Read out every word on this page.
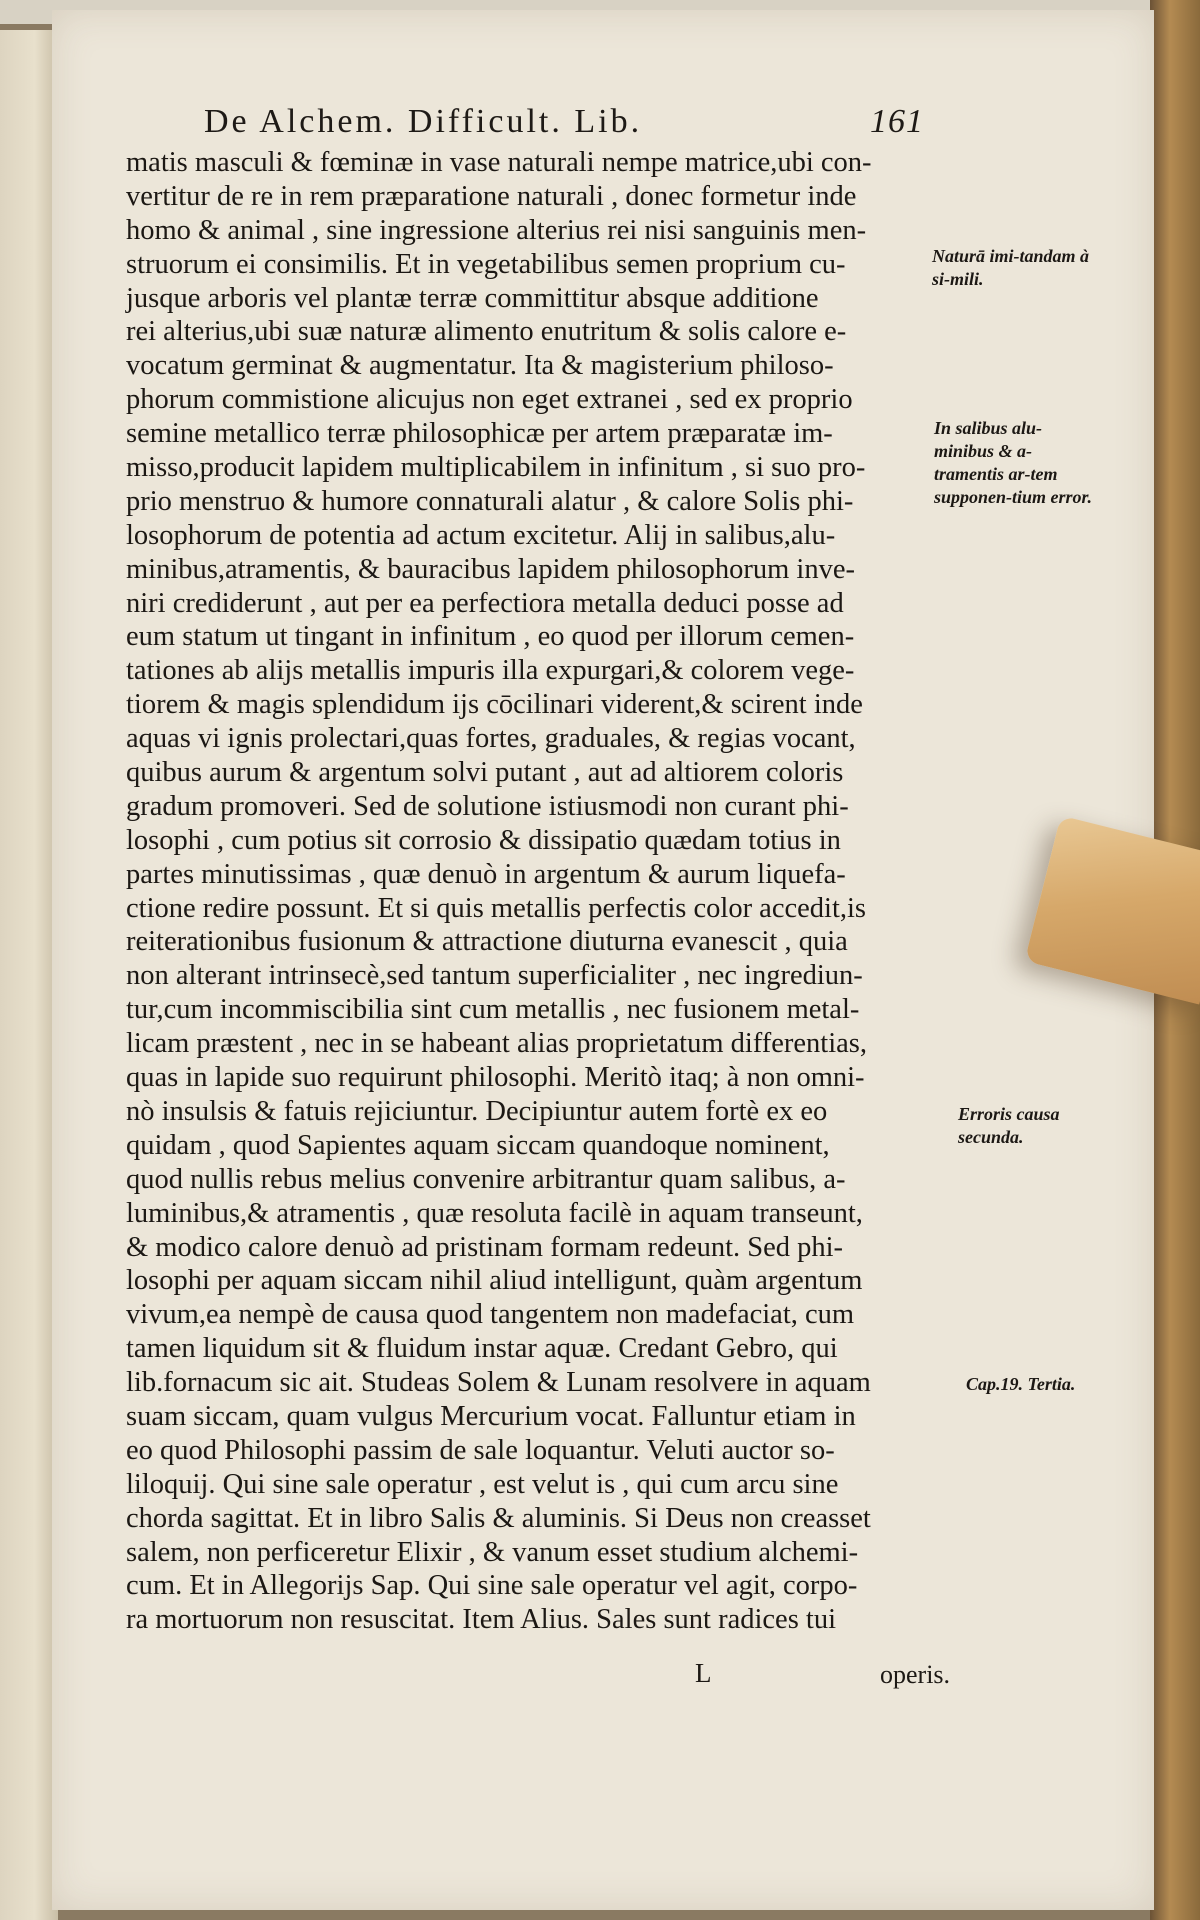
De Alchem. Difficult. Lib.	161
matis masculi & fœminæ in vase naturali nempe matrice,ubi con-
vertitur de re in rem præparatione naturali , donec formetur inde
homo & animal , sine ingressione alterius rei nisi sanguinis men-
struorum ei consimilis. Et in vegetabilibus semen proprium cu-
jusque arboris vel plantæ terræ committitur absque additione
rei alterius,ubi suæ naturæ alimento enutritum & solis calore e-
vocatum germinat & augmentatur. Ita & magisterium philoso-
phorum commistione alicujus non eget extranei , sed ex proprio
semine metallico terræ philosophicæ per artem præparatæ im-
misso,producit lapidem multiplicabilem in infinitum , si suo pro-
prio menstruo & humore connaturali alatur , & calore Solis phi-
losophorum de potentia ad actum excitetur. Alij in salibus,alu-
minibus,atramentis, & bauracibus lapidem philosophorum inve-
niri crediderunt , aut per ea perfectiora metalla deduci posse ad
eum statum ut tingant in infinitum , eo quod per illorum cemen-
tationes ab alijs metallis impuris illa expurgari,& colorem vege-
tiorem & magis splendidum ijs cōcilinari viderent,& scirent inde
aquas vi ignis prolectari,quas fortes, graduales, & regias vocant,
quibus aurum & argentum solvi putant , aut ad altiorem coloris
gradum promoveri. Sed de solutione istiusmodi non curant phi-
losophi , cum potius sit corrosio & dissipatio quædam totius in
partes minutissimas , quæ denuò in argentum & aurum liquefa-
ctione redire possunt. Et si quis metallis perfectis color accedit,is
reiterationibus fusionum & attractione diuturna evanescit , quia
non alterant intrinsecè,sed tantum superficialiter , nec ingrediun-
tur,cum incommiscibilia sint cum metallis , nec fusionem metal-
licam præstent , nec in se habeant alias proprietatum differentias,
quas in lapide suo requirunt philosophi. Meritò itaq; à non omni-
nò insulsis & fatuis rejiciuntur. Decipiuntur autem fortè ex eo
quidam , quod Sapientes aquam siccam quandoque nominent,
quod nullis rebus melius convenire arbitrantur quam salibus, a-
luminibus,& atramentis , quæ resoluta facilè in aquam transeunt,
& modico calore denuò ad pristinam formam redeunt. Sed phi-
losophi per aquam siccam nihil aliud intelligunt, quàm argentum
vivum,ea nempè de causa quod tangentem non madefaciat, cum
tamen liquidum sit & fluidum instar aquæ. Credant Gebro, qui
lib.fornacum sic ait. Studeas Solem & Lunam resolvere in aquam
suam siccam, quam vulgus Mercurium vocat. Falluntur etiam in
eo quod Philosophi passim de sale loquantur. Veluti auctor so-
liloquij. Qui sine sale operatur , est velut is , qui cum arcu sine
chorda sagittat. Et in libro Salis & aluminis. Si Deus non creasset
salem, non perficeretur Elixir , & vanum esset studium alchemi-
cum. Et in Allegorijs Sap. Qui sine sale operatur vel agit, corpo-
ra mortuorum non resuscitat. Item Alius. Sales sunt radices tui
Naturā imi-tandam à si-mili.
In salibus alu-minibus & a-tramentis ar-tem supponen-tium error.
Erroris causa secunda.
Cap.19. Tertia.
L	operis.
